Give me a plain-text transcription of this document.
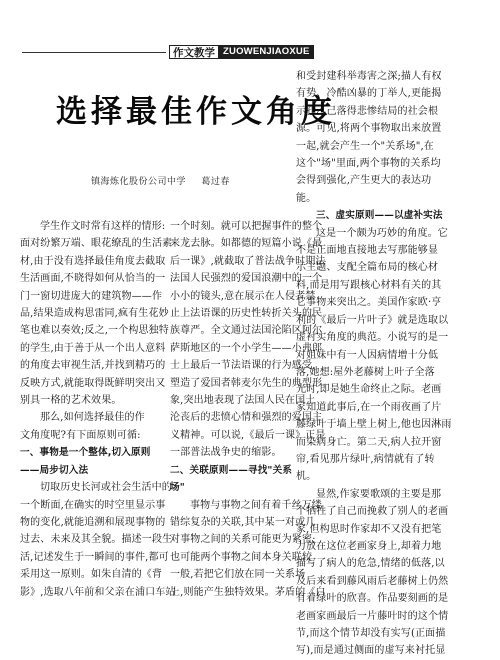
作文教学 ZUOWENJIAOXUE
选择最佳作文角度
镇海炼化股份公司中学 葛过春

学生作文时常有这样的情形:

面对纷繁万端、眼花缭乱的生活素

材,由于没有选择最佳角度去截取

生活画面,不晓得如何从恰当的一

门一窗切进庞大的建筑物——作

品,结果造成构思雷同,疯有生花妙

笔也难以奏效;反之,一个构思独特

的学生,由于善于从一个出人意料

的角度去审视生活,并找到精巧的

反映方式,就能取得既鲜明突出又

别具一格的艺术效果。

那么,如何选择最佳的作

文角度呢?有下面原则可循:

一、事物是一个整体,切入原则

——局步切入法

切取历史长河或社会生活中的

一个断面,在确实的时空里显示事

物的变化,就能追溯和展现事物的

过去、未来及其全貌。描述一段生

活,记述发生于一瞬间的事件,都可

采用这一原则。如朱自清的《背

影》,选取八年前和父亲在浦口车站

一个时刻。就可以把握事件的整个

来龙去脉。如都德的短篇小说《最

后一课》,就截取了普法战争时期法

法国人民强烈的爱国浪潮中的一个

小小的镜头,意在展示在人侵者禁

止上法语课的历史性转折关头的民

族尊严。全文通过法国沦陷区阿尔

萨斯地区的一个小学生——小弗郎

士上最后一节法语课的行为感受,

塑造了爱国者韩麦尔先生的典型形

象,突出地表现了法国人民在国土

沦丧后的悲愤心情和强烈的爱国主

义精神。可以说,《最后一课》正是

一部普法战争史的缩影。

二、关联原则——寻找"关系

场"

事物与事物之间有着千丝万缕

错综复杂的关联,其中某一对或几

对事物之间的关系可能更为紧密;

也可能两个事物之间本身关联较

一般,若把它们放在同一关系场

上,则能产生独特效果。茅盾的《白

和受封建科举毒害之深;描人有权

有势、冷酷凶暴的丁举人,更能揭

示孔乙己落得悲惨结局的社会根

源。可见,将两个事物取出来放置

一起,就会产生一个"关系场",在

这个"场"里面,两个事物的关系均

会得到强化,产生更大的表达功

能。

三、虚实原则——以虚补实法

这是一个颇为巧妙的角度。它

不是正面地直接地去写那能够显

示主题、支配全篇布局的核心材

料,而是用写跟核心材料有关的其

它事物来突出之。美国作家欧·亨

利的《最后一片叶子》就是选取以

虚衬实角度的典范。小说写的是一

对姐妹中有一人因病情增十分低

落,她想:屋外老藤树上叶子全落

光时,即是她生命终止之际。老画

家知道此事后,在一个雨夜画了片

藤绿叶于墙上壁上树上,他也因淋雨

而染病身亡。第二天,病人拉开窗

帘,看见那片绿叶,病情就有了转

机。

显然,作家要歌颂的主要是那

个牺牲了自己而挽救了别人的老画

家,但构思时作家却不又没有把笔

力放在这位老画家身上,却着力地

描写了病人的危急,情绪的低落,以

及后来看到藤风雨后老藤树上仍然

有着绿叶的欣喜。作品要刻画的是

老画家画最后一片藤叶时的这个情

节,而这个情节却没有实写(正面描

写),而是通过侧面的虚写来衬托显
